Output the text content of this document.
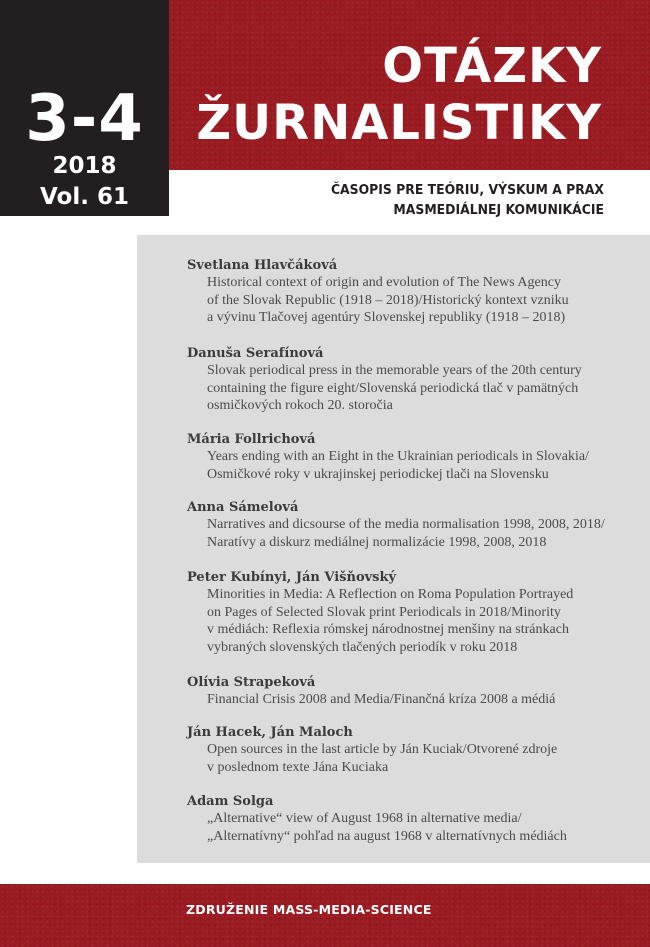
3-4
2018
Vol. 61
OTÁZKY
ŽURNALISTIKY
ČASOPIS PRE TEÓRIU, VÝSKUM A PRAX
MASMEDIÁLNEJ KOMUNIKÁCIE
Svetlana Hlavčáková
Historical context of origin and evolution of The News Agency
of the Slovak Republic (1918 – 2018)/Historický kontext vzniku
a vývinu Tlačovej agentúry Slovenskej republiky (1918 – 2018)
Danuša Serafínová
Slovak periodical press in the memorable years of the 20th century
containing the figure eight/Slovenská periodická tlač v pamätných
osmičkových rokoch 20. storočia
Mária Follrichová
Years ending with an Eight in the Ukrainian periodicals in Slovakia/
Osmičkové roky v ukrajinskej periodickej tlači na Slovensku
Anna Sámelová
Narratives and dicsourse of the media normalisation 1998, 2008, 2018/
Naratívy a diskurz mediálnej normalizácie 1998, 2008, 2018
Peter Kubínyi, Ján Višňovský
Minorities in Media: A Reflection on Roma Population Portrayed
on Pages of Selected Slovak print Periodicals in 2018/Minority
v médiách: Reflexia rómskej národnostnej menšiny na stránkach
vybraných slovenských tlačených periodík v roku 2018
Olívia Strapeková
Financial Crisis 2008 and Media/Finančná kríza 2008 a médiá
Ján Hacek, Ján Maloch
Open sources in the last article by Ján Kuciak/Otvorené zdroje
v poslednom texte Jána Kuciaka
Adam Solga
„Alternative“ view of August 1968 in alternative media/
„Alternatívny“ pohľad na august 1968 v alternatívnych médiách
ZDRUŽENIE MASS-MEDIA-SCIENCE
